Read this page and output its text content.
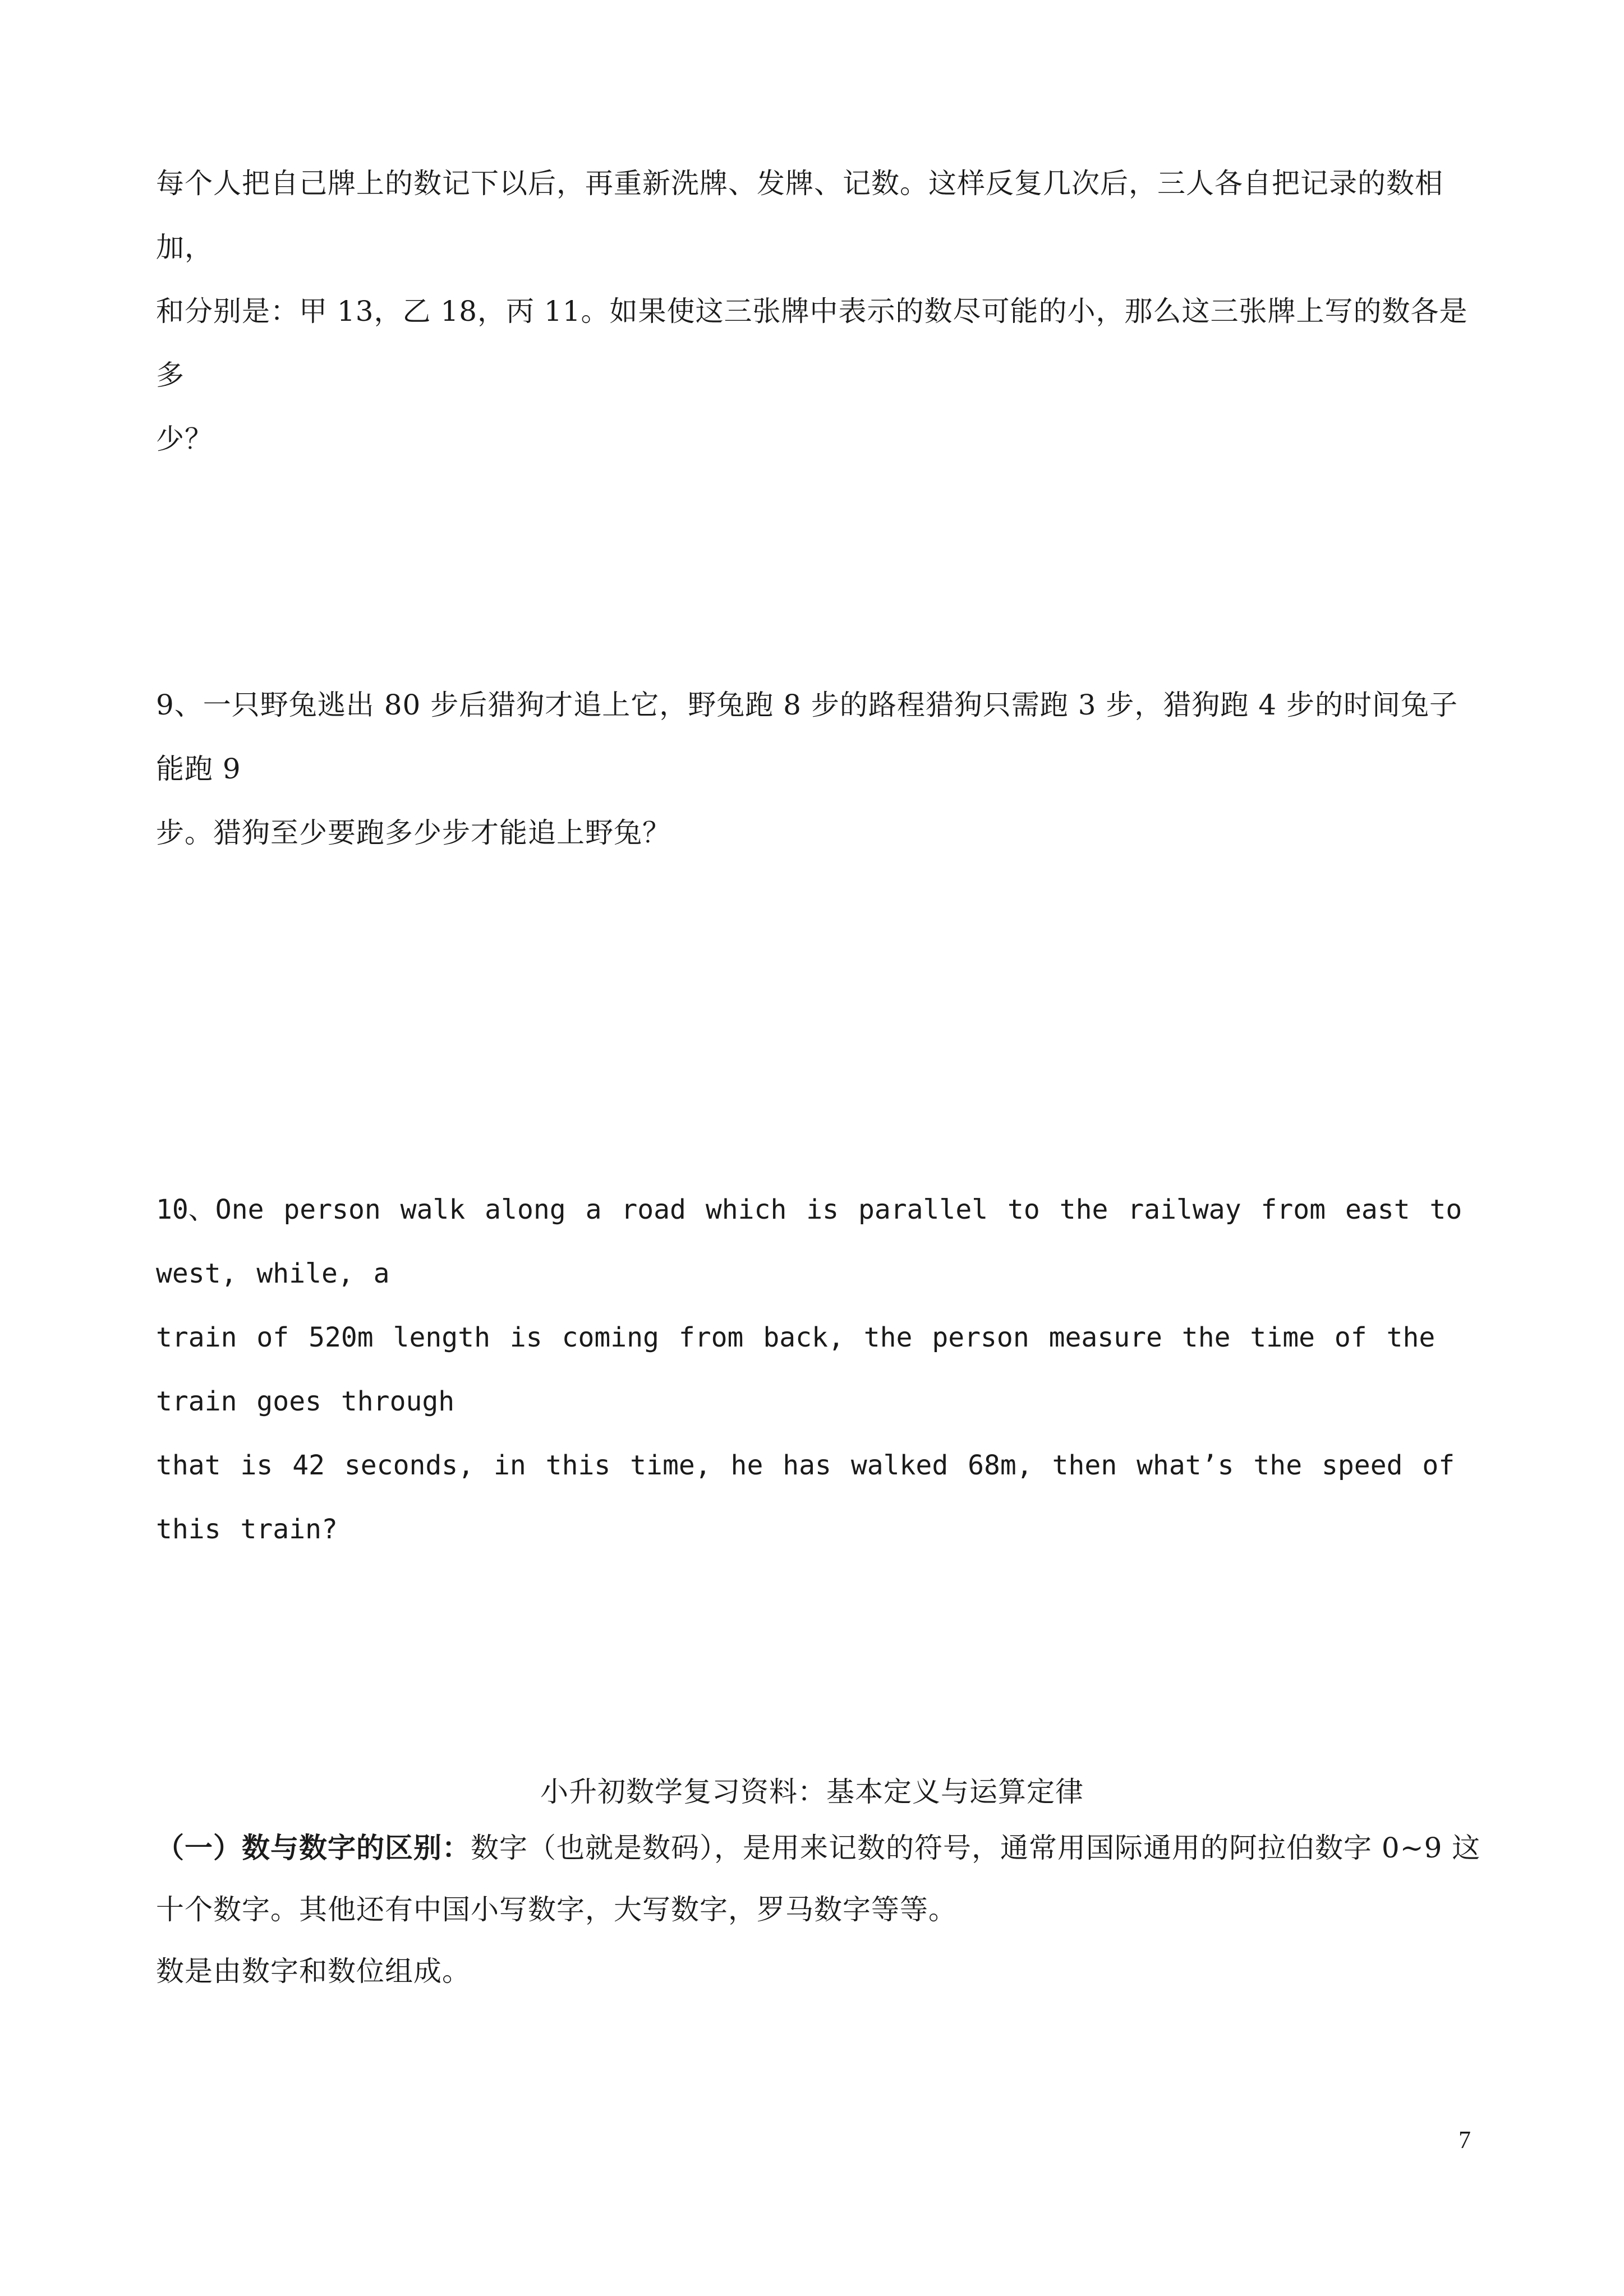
每个人把自己牌上的数记下以后，再重新洗牌、发牌、记数。这样反复几次后，三人各自把记录的数相加，

和分别是：甲 13，乙 18，丙 11。如果使这三张牌中表示的数尽可能的小，那么这三张牌上写的数各是多

少？

9、一只野兔逃出 80 步后猎狗才追上它，野兔跑 8 步的路程猎狗只需跑 3 步，猎狗跑 4 步的时间兔子能跑 9

步。猎狗至少要跑多少步才能追上野兔？

10、One person walk along a road which is parallel to the railway from east to west, while, a

train of 520m length is coming from back, the person measure the time of the train goes through

that is 42 seconds, in this time, he has walked 68m, then what’s the speed of this train?

小升初数学复习资料：基本定义与运算定律

（一）数与数字的区别：数字（也就是数码），是用来记数的符号，通常用国际通用的阿拉伯数字 0~9 这

十个数字。其他还有中国小写数字，大写数字，罗马数字等等。

数是由数字和数位组成。

7
